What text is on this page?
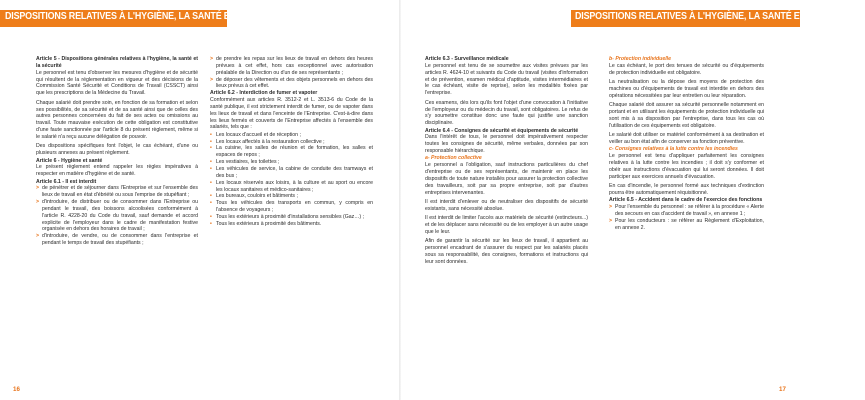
DISPOSITIONS RELATIVES À L'HYGIÈNE, LA SANTÉ ET LA SÉCURITÉ
16
DISPOSITIONS RELATIVES À L'HYGIÈNE, LA SANTÉ ET LA SÉCURITÉ
17
Article 5 - Dispositions générales relatives à l'hygiène, la santé et la sécurité
Le personnel est tenu d'observer les mesures d'hygiène et de sécurité qui résultent de la réglementation en vigueur et des décisions de la Commission Santé Sécurité et Conditions de Travail (CSSCT) ainsi que les prescriptions de la Médecine du Travail.
Chaque salarié doit prendre soin, en fonction de sa formation et selon ses possibilités, de sa sécurité et de sa santé ainsi que de celles des autres personnes concernées du fait de ses actes ou omissions au travail. Toute mauvaise exécution de cette obligation est constitutive d'une faute sanctionnée par l'article 8 du présent règlement, même si le salarié n'a reçu aucune délégation de pouvoir.
Des dispositions spécifiques font l'objet, le cas échéant, d'une ou plusieurs annexes au présent règlement.
Article 6 - Hygiène et santé
Le présent règlement entend rappeler les règles impératives à respecter en matière d'hygiène et de santé.
Article 6.1 - Il est interdit
> de pénétrer et de séjourner dans l'Entreprise et sur l'ensemble des lieux de travail en état d'ébriété ou sous l'emprise de stupéfiant ;
> d'introduire, de distribuer ou de consommer dans l'Entreprise ou pendant le travail, des boissons alcoolisées conformément à l'article R. 4228-20 du Code du travail, sauf demande et accord explicite de l'employeur dans le cadre de manifestation festive organisée en dehors des horaires de travail ;
> d'introduire, de vendre, ou de consommer dans l'entreprise et pendant le temps de travail des stupéfiants ;
> de prendre les repas sur les lieux de travail en dehors des heures prévues à cet effet, hors cas exceptionnel avec autorisation préalable de la Direction ou d'un de ses représentants ;
> de déposer des vêtements et des objets personnels en dehors des lieux prévus à cet effet.
Article 6.2 - Interdiction de fumer et vapoter
Conformément aux articles R. 3512-2 et L. 3513-6 du Code de la santé publique, il est strictement interdit de fumer, ou de vapoter dans les lieux de travail et dans l'enceinte de l'Entreprise. C'est-à-dire dans les lieux fermés et couverts de l'Entreprise affectés à l'ensemble des salariés, tels que :
• Les locaux d'accueil et de réception ;
• Les locaux affectés à la restauration collective ;
• La cuisine, les salles de réunion et de formation, les salles et espaces de repos ;
• Les vestiaires, les toilettes ;
• Les véhicules de service, la cabine de conduite des tramways et des bus ;
• Les locaux réservés aux loisirs, à la culture et au sport ou encore les locaux sanitaires et médico-sanitaires ;
• Les bureaux, couloirs et bâtiments ;
• Tous les véhicules des transports en commun, y compris en l'absence de voyageurs ;
• Tous les extérieurs à proximité d'installations sensibles (Gaz…) ;
• Tous les extérieurs à proximité des bâtiments.
Article 6.3 - Surveillance médicale
Le personnel est tenu de se soumettre aux visites prévues par les articles R. 4624-10 et suivants du Code du travail (visites d'information et de prévention, examen médical d'aptitude, visites intermédiaires et le cas échéant, visite de reprise), selon les modalités fixées par l'entreprise.
Ces examens, dès lors qu'ils font l'objet d'une convocation à l'initiative de l'employeur ou du médecin du travail, sont obligatoires. Le refus de s'y soumettre constitue donc une faute qui justifie une sanction disciplinaire.
Article 6.4 - Consignes de sécurité et équipements de sécurité
Dans l'intérêt de tous, le personnel doit impérativement respecter toutes les consignes de sécurité, même verbales, données par son responsable hiérarchique.
a- Protection collective
Le personnel a l'obligation, sauf instructions particulières du chef d'entreprise ou de ses représentants, de maintenir en place les dispositifs de toute nature installés pour assurer la protection collective des travailleurs, soit par sa propre entreprise, soit par d'autres entreprises intervenantes.
Il est interdit d'enlever ou de neutraliser des dispositifs de sécurité existants, sans nécessité absolue.
Il est interdit de limiter l'accès aux matériels de sécurité (extincteurs...) et de les déplacer sans nécessité ou de les employer à un autre usage que le leur.
Afin de garantir la sécurité sur les lieux de travail, il appartient au personnel encadrant de s'assurer du respect par les salariés placés sous sa responsabilité, des consignes, formations et instructions qui leur sont données.
b- Protection individuelle
Le cas échéant, le port des tenues de sécurité ou d'équipements de protection individuelle est obligatoire.
La neutralisation ou la dépose des moyens de protection des machines ou d'équipements de travail est interdite en dehors des opérations nécessitées par leur entretien ou leur réparation.
Chaque salarié doit assurer sa sécurité personnelle notamment en portant et en utilisant les équipements de protection individuelle qui sont mis à sa disposition par l'entreprise, dans tous les cas où l'utilisation de ces équipements est obligatoire.
Le salarié doit utiliser ce matériel conformément à sa destination et veiller au bon état afin de conserver sa fonction préventive.
c- Consignes relatives à la lutte contre les incendies
Le personnel est tenu d'appliquer parfaitement les consignes relatives à la lutte contre les incendies ; il doit s'y conformer et obéir aux instructions d'évacuation qui lui seront données. Il doit participer aux exercices annuels d'évacuation.
En cas d'incendie, le personnel formé aux techniques d'extinction pourra être automatiquement réquisitionné.
Article 6.5 - Accident dans le cadre de l'exercice des fonctions
> Pour l'ensemble du personnel : se référer à la procédure « Alerte des secours en cas d'accident de travail », en annexe 1 ;
> Pour les conducteurs : se référer au Règlement d'Exploitation, en annexe 2.
